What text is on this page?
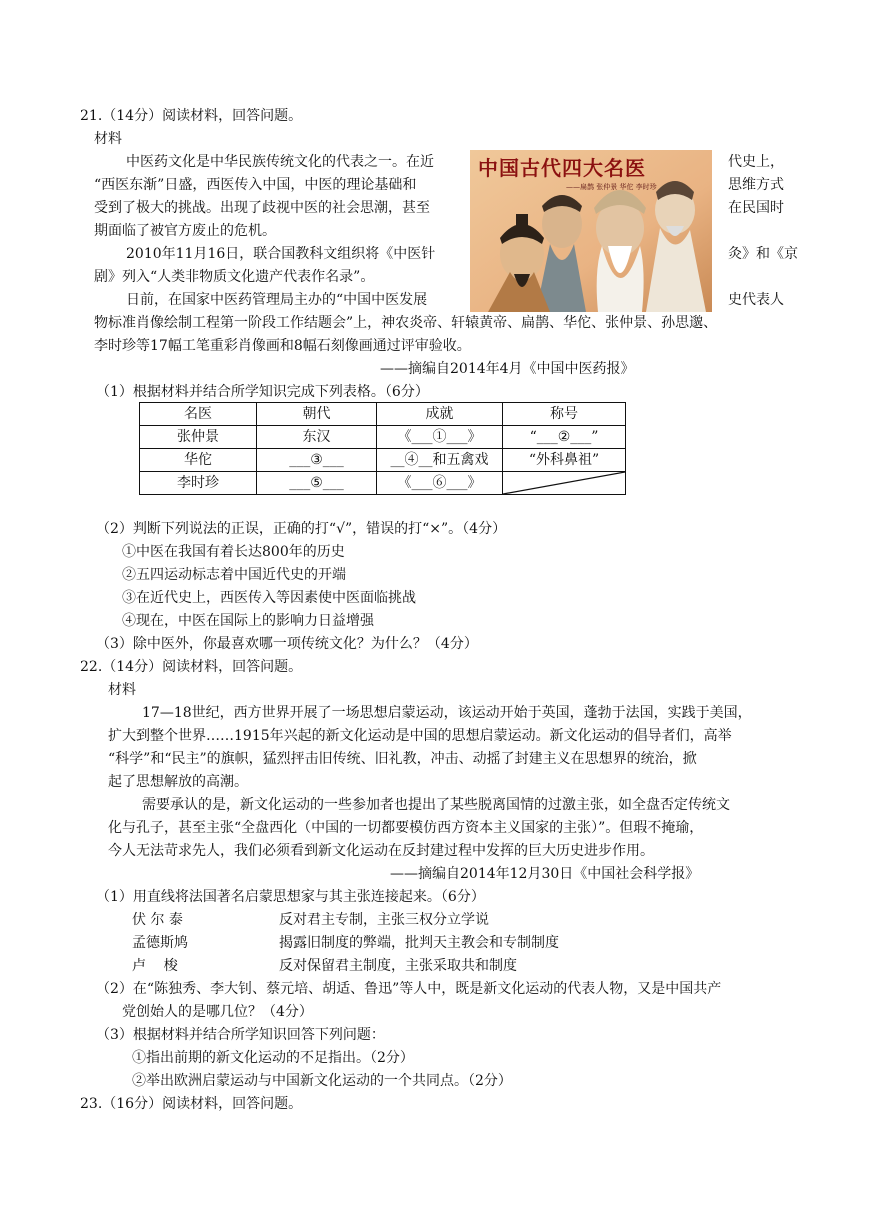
21.（14分）阅读材料，回答问题。
材料
中医药文化是中华民族传统文化的代表之一。在近	代史上，
“西医东渐”日盛，西医传入中国，中医的理论基础和	思维方式
受到了极大的挑战。出现了歧视中医的社会思潮，甚至	在民国时
期面临了被官方废止的危机。
2010年11月16日，联合国教科文组织将《中医针	灸》和《京
剧》列入“人类非物质文化遗产代表作名录”。
日前，在国家中医药管理局主办的“中国中医发展	史代表人
物标准肖像绘制工程第一阶段工作结题会”上，神农炎帝、轩辕黄帝、扁鹊、华佗、张仲景、孙思邈、
李时珍等17幅工笔重彩肖像画和8幅石刻像画通过评审验收。
——摘编自2014年4月《中国中医药报》
中国古代四大名医
——扁鹊 张仲景 华佗 李时珍
（1）根据材料并结合所学知识完成下列表格。（6分）
名医	朝代	成就	称号
张仲景	东汉	《___①___》	“___②___”
华佗	___③___	__④__和五禽戏	“外科鼻祖”
李时珍	___⑤___	《___⑥___》	
（2）判断下列说法的正误，正确的打“√”，错误的打“×”。（4分）
①中医在我国有着长达800年的历史
②五四运动标志着中国近代史的开端
③在近代史上，西医传入等因素使中医面临挑战
④现在，中医在国际上的影响力日益增强
（3）除中医外，你最喜欢哪一项传统文化？为什么？（4分）
22.（14分）阅读材料，回答问题。
材料
17—18世纪，西方世界开展了一场思想启蒙运动，该运动开始于英国，蓬勃于法国，实践于美国，
扩大到整个世界……1915年兴起的新文化运动是中国的思想启蒙运动。新文化运动的倡导者们，高举
“科学”和“民主”的旗帜，猛烈抨击旧传统、旧礼教，冲击、动摇了封建主义在思想界的统治，掀
起了思想解放的高潮。
需要承认的是，新文化运动的一些参加者也提出了某些脱离国情的过激主张，如全盘否定传统文
化与孔子，甚至主张“全盘西化（中国的一切都要模仿西方资本主义国家的主张）”。但瑕不掩瑜，
今人无法苛求先人，我们必须看到新文化运动在反封建过程中发挥的巨大历史进步作用。
——摘编自2014年12月30日《中国社会科学报》
（1）用直线将法国著名启蒙思想家与其主张连接起来。（6分）
伏 尔 泰	反对君主专制，主张三权分立学说
孟德斯鸠	揭露旧制度的弊端，批判天主教会和专制制度
卢    梭	反对保留君主制度，主张采取共和制度
（2）在“陈独秀、李大钊、蔡元培、胡适、鲁迅”等人中，既是新文化运动的代表人物，又是中国共产
党创始人的是哪几位？（4分）
（3）根据材料并结合所学知识回答下列问题：
①指出前期的新文化运动的不足指出。（2分）
②举出欧洲启蒙运动与中国新文化运动的一个共同点。（2分）
23.（16分）阅读材料，回答问题。
